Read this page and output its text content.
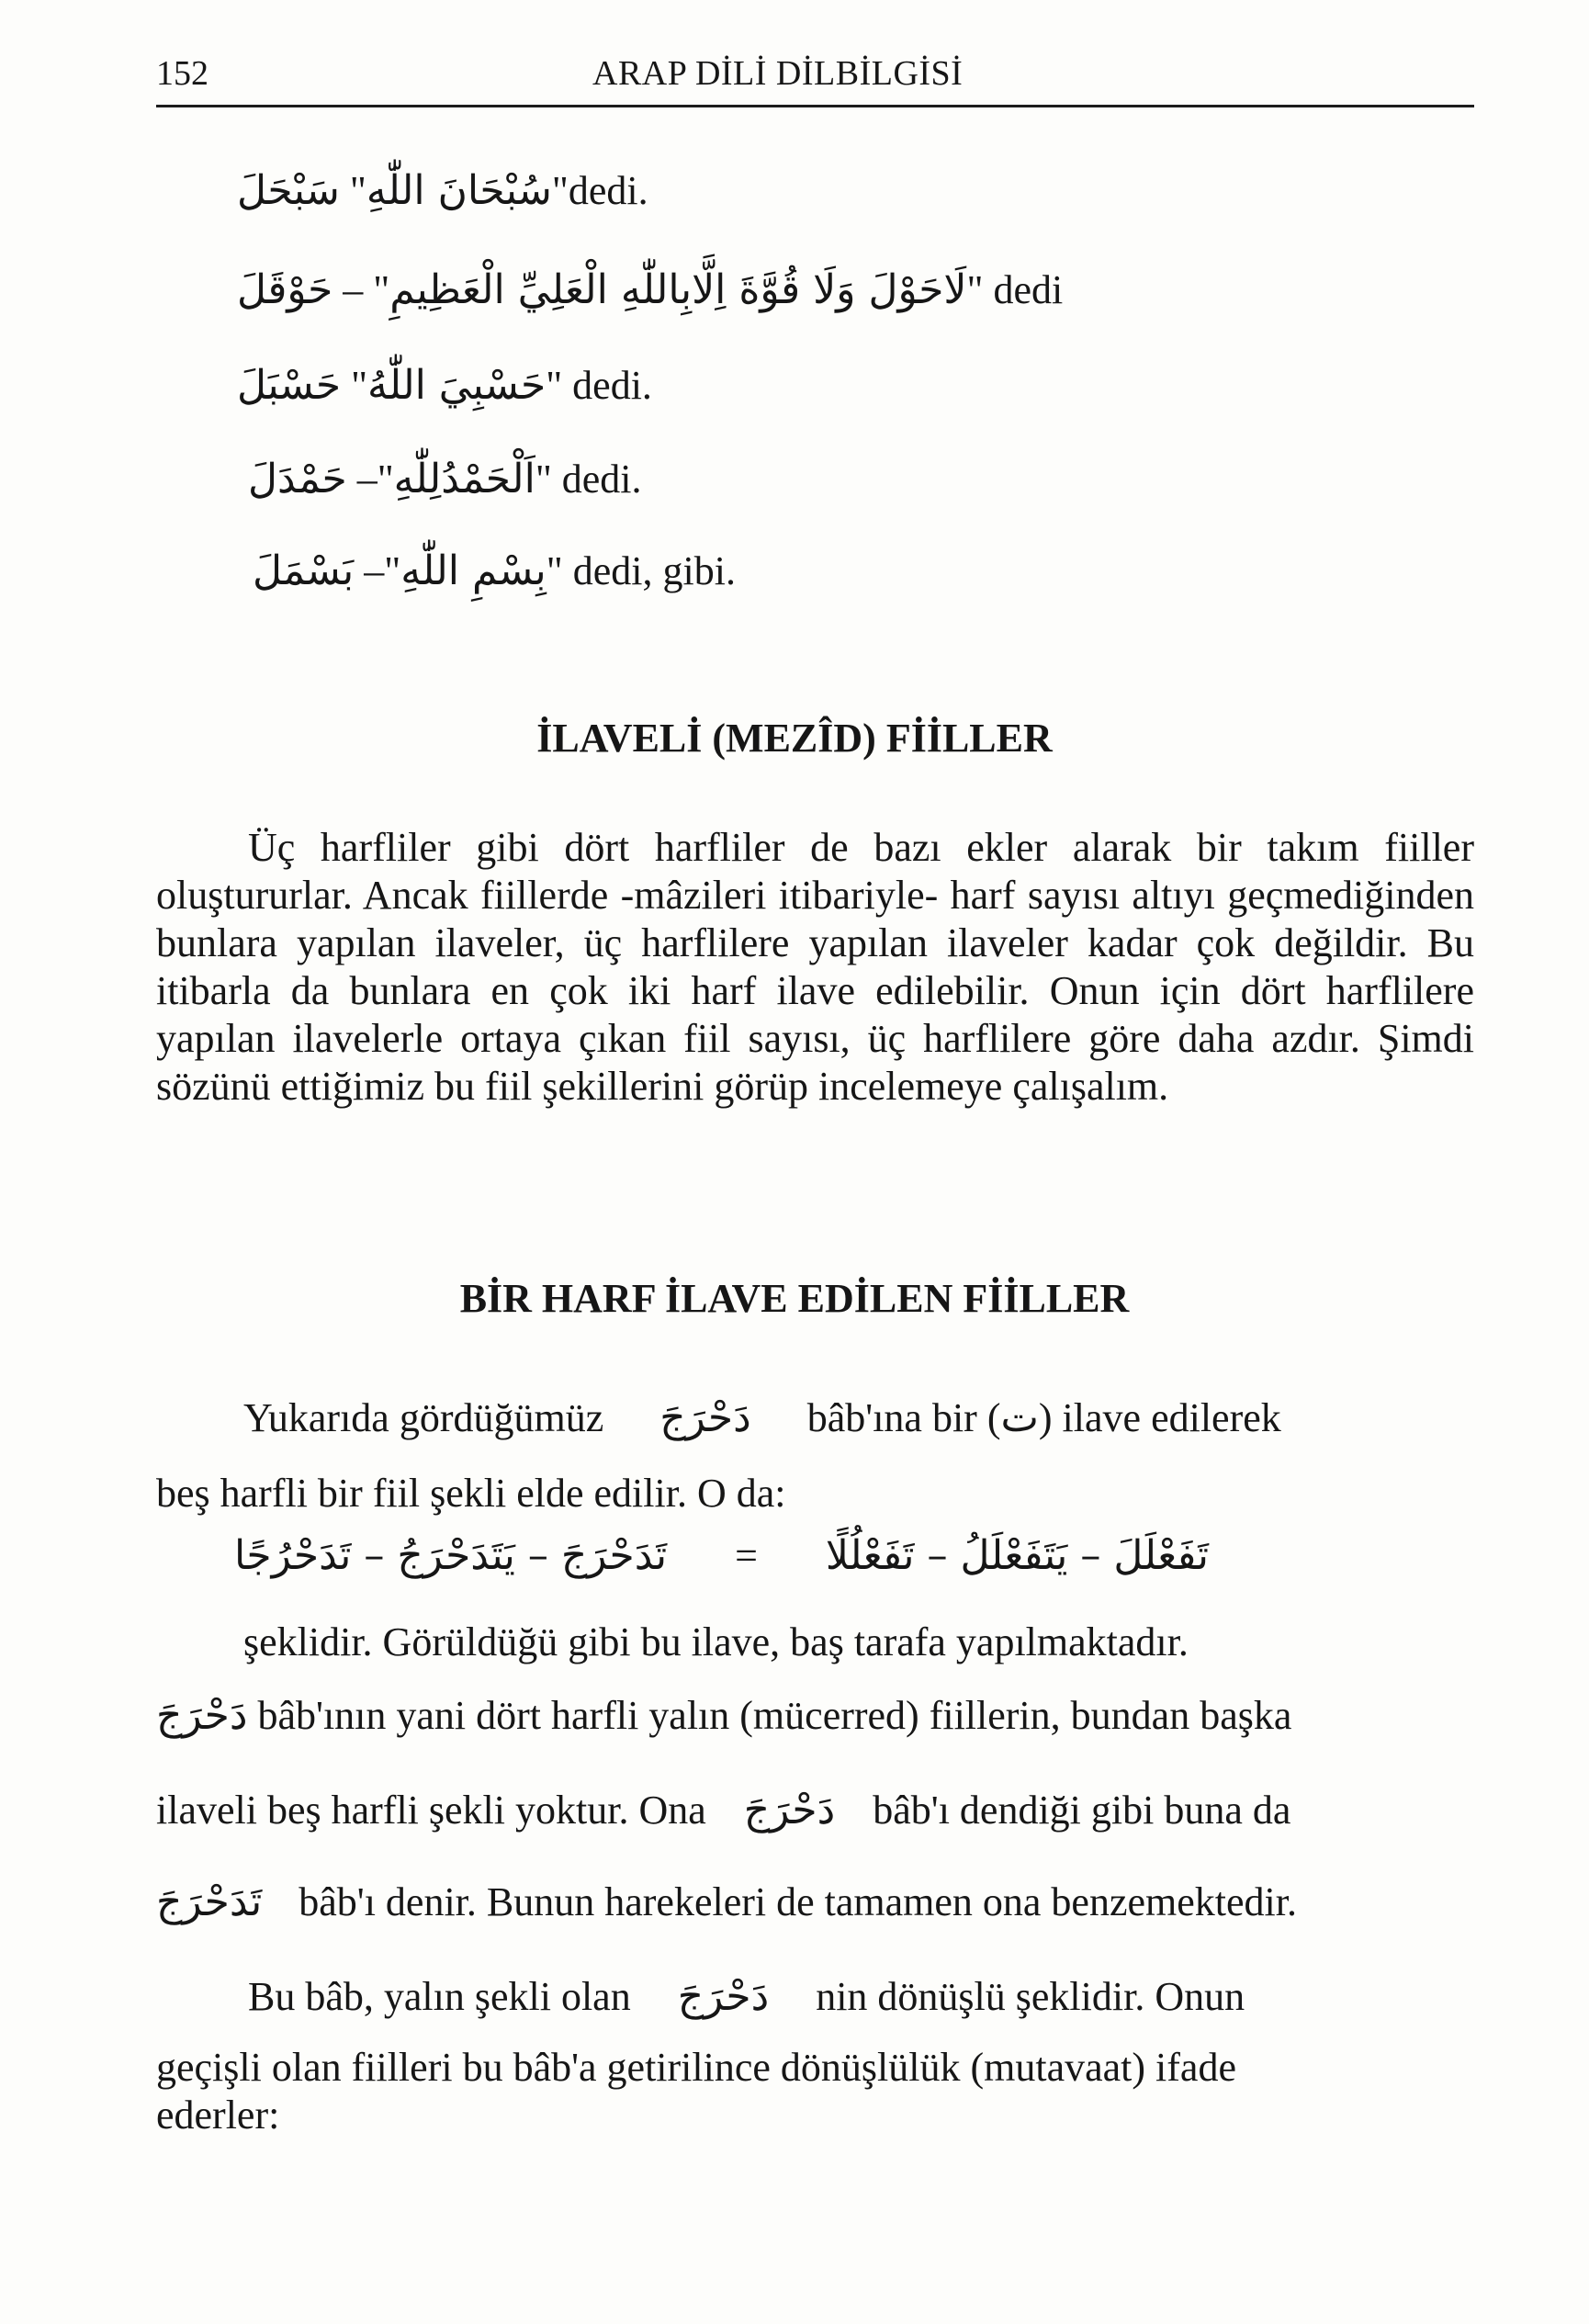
152	ARAP DİLİ DİLBİLGİSİ
سَبْحَلَ "سُبْحَانَ اللّٰهِ"dedi.
حَوْقَلَ – "لَاحَوْلَ وَلَا قُوَّةَ اِلَّابِاللّٰهِ الْعَلِيِّ الْعَظِيمِ" dedi
حَسْبَلَ "حَسْبِيَ اللّٰهُ" dedi.
حَمْدَلَ –"اَلْحَمْدُلِلّٰهِ" dedi.
بَسْمَلَ –"بِسْمِ اللّٰهِ" dedi, gibi.
İLAVELİ (MEZÎD) FİİLLER

Üç harfliler gibi dört harfliler de bazı ekler alarak bir takım fiiller oluştururlar. Ancak fiillerde -mâzileri itibariyle- harf sayısı altıyı geçmediğinden bunlara yapılan ilaveler, üç harflilere yapılan ilaveler kadar çok değildir. Bu itibarla da bunlara en çok iki harf ilave edilebilir. Onun için dört harflilere yapılan ilavelerle ortaya çıkan fiil sayısı, üç harflilere göre daha azdır. Şimdi sözünü ettiğimiz bu fiil şekillerini görüp incelemeye çalışalım.

BİR HARF İLAVE EDİLEN FİİLLER
Yukarıda gördüğümüz دَحْرَجَ bâb'ına bir (ت) ilave edilerek
beş harfli bir fiil şekli elde edilir. O da:
تَدَحْرَجَ – يَتَدَحْرَجُ – تَدَحْرُجًا = تَفَعْلَلَ – يَتَفَعْلَلُ – تَفَعْلُلًا
şeklidir. Görüldüğü gibi bu ilave, baş tarafa yapılmaktadır.
دَحْرَجَ bâb'ının yani dört harfli yalın (mücerred) fiillerin, bundan başka
ilaveli beş harfli şekli yoktur. Ona دَحْرَجَ bâb'ı dendiği gibi buna da
تَدَحْرَجَ bâb'ı denir. Bunun harekeleri de tamamen ona benzemektedir.
Bu bâb, yalın şekli olan دَحْرَجَ nin dönüşlü şeklidir. Onun
geçişli olan fiilleri bu bâb'a getirilince dönüşlülük (mutavaat) ifade
ederler:
